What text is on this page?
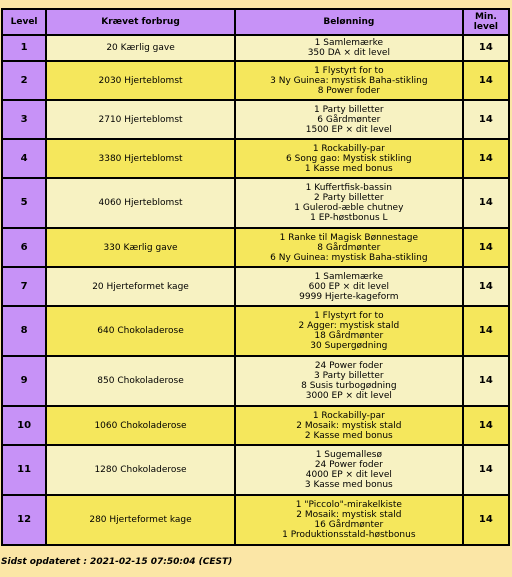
Level	Krævet forbrug	Belønning	Min. level
1	20 Kærlig gave	1 Samlemærke
350 DA × dit level	14
2	2030 Hjerteblomst	1 Flystyrt for to
3 Ny Guinea: mystisk Baha-stikling
8 Power foder	14
3	2710 Hjerteblomst	1 Party billetter
6 Gårdmønter
1500 EP × dit level	14
4	3380 Hjerteblomst	1 Rockabilly-par
6 Song gao: Mystisk stikling
1 Kasse med bonus	14
5	4060 Hjerteblomst	1 Kuffertfisk-bassin
2 Party billetter
1 Gulerod-æble chutney
1 EP-høstbonus L	14
6	330 Kærlig gave	1 Ranke til Magisk Bønnestage
8 Gårdmønter
6 Ny Guinea: mystisk Baha-stikling	14
7	20 Hjerteformet kage	1 Samlemærke
600 EP × dit level
9999 Hjerte-kageform	14
8	640 Chokoladerose	1 Flystyrt for to
2 Agger: mystisk stald
18 Gårdmønter
30 Supergødning	14
9	850 Chokoladerose	24 Power foder
3 Party billetter
8 Susis turbogødning
3000 EP × dit level	14
10	1060 Chokoladerose	1 Rockabilly-par
2 Mosaik: mystisk stald
2 Kasse med bonus	14
11	1280 Chokoladerose	1 Sugemallesø
24 Power foder
4000 EP × dit level
3 Kasse med bonus	14
12	280 Hjerteformet kage	1 "Piccolo"-mirakelkiste
2 Mosaik: mystisk stald
16 Gårdmønter
1 Produktionsstald-høstbonus	14
Sidst opdateret : 2021-02-15 07:50:04 (CEST)
